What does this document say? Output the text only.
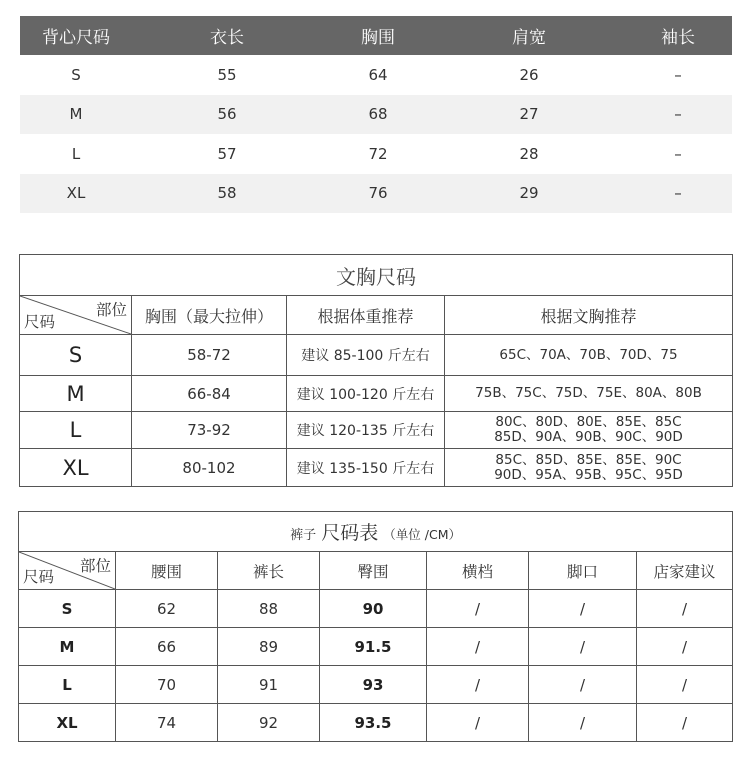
背心尺码	衣长	胸围	肩宽	袖长
S	55	64	26	–
M	56	68	27	–
L	57	72	28	–
XL	58	76	29	–
文胸尺码			

部位
尺码	胸围（最大拉伸）	根据体重推荐	根据文胸推荐
S	58-72	建议 85-100 斤左右	65C、70A、70B、70D、75
M	66-84	建议 100-120 斤左右	75B、75C、75D、75E、80A、80B
L	73-92	建议 120-135 斤左右	80C、80D、80E、85E、85C
85D、90A、90B、90C、90D
XL	80-102	建议 135-150 斤左右	85C、85D、85E、85E、90C
90D、95A、95B、95C、95D
裤子 尺码表 （单位 /CM）						

部位
尺码	腰围	裤长	臀围	横档	脚口	店家建议
S	62	88	90	/	/	/
M	66	89	91.5	/	/	/
L	70	91	93	/	/	/
XL	74	92	93.5	/	/	/
